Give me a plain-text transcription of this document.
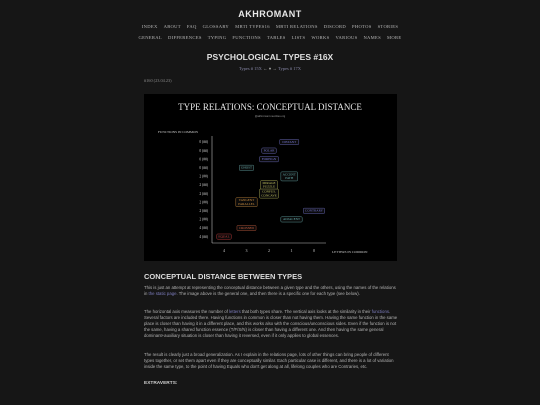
AKHROMANT
INDEX ABOUT FAQ GLOSSARY MBTI TYPES16 MBTI RELATIONS DISCORD PHOTOS STORIES
GENERAL DIFFERENCES TYPING FUNCTIONS TABLES LISTS WORKS VARIOUS NAMES MORE
PSYCHOLOGICAL TYPES #16X
Types # 15X ← ● → Types # 17X
#160 (23.04.23)
TYPE RELATIONS: CONCEPTUAL DISTANCE
@akhromant.neocities.org
FUNCTIONS IN COMMON
LETTERS IN COMMON
0 (##)
0 (##)
0 (##)
0 (##)
2 (##)
2 (##)
2 (##)
2 (##)
2 (##)
2 (##)
4 (##)
4 (##)
4	3	2	1	0
DISTANT
POLAR
FOREIGN
GHOST
ACCENT
PATH
MIRAGE
PUZZLE
CONFUS.
CONCAVE
TANGENT
PARALLEL
CONTRARY
ADJACENT
CROSSED
EQUAL
CONCEPTUAL DISTANCE BETWEEN TYPES

This is just an attempt at representing the conceptual distance between a given type and the others, using the names of the relations in the static page. The image above is the general one, and then there is a specific one for each type (see below).

The horizontal axis measures the number of letters that both types share. The vertical axis looks at the similarity in their functions. Several factors are included there. Having functions in common is closer than not having them. Having the same function in the same place is closer than having it in a different place, and this works also with the conscious/unconscious sides. Even if the function is not the same, having a shared function essence (T/F/S/N) is closer than having a different one. And then having the same general dominant+auxiliary situation is closer than having it reversed, even if it only applies to global essences.

The result is clearly just a broad generalization. As I explain in the relations page, lots of other things can bring people of different types together, or set them apart even if they are conceptually similar. Each particular case is different, and there is a lot of variation inside the same type, to the point of having Equals who don't get along at all, lifelong couples who are Contraries, etc.

EXTRAVERTS:
